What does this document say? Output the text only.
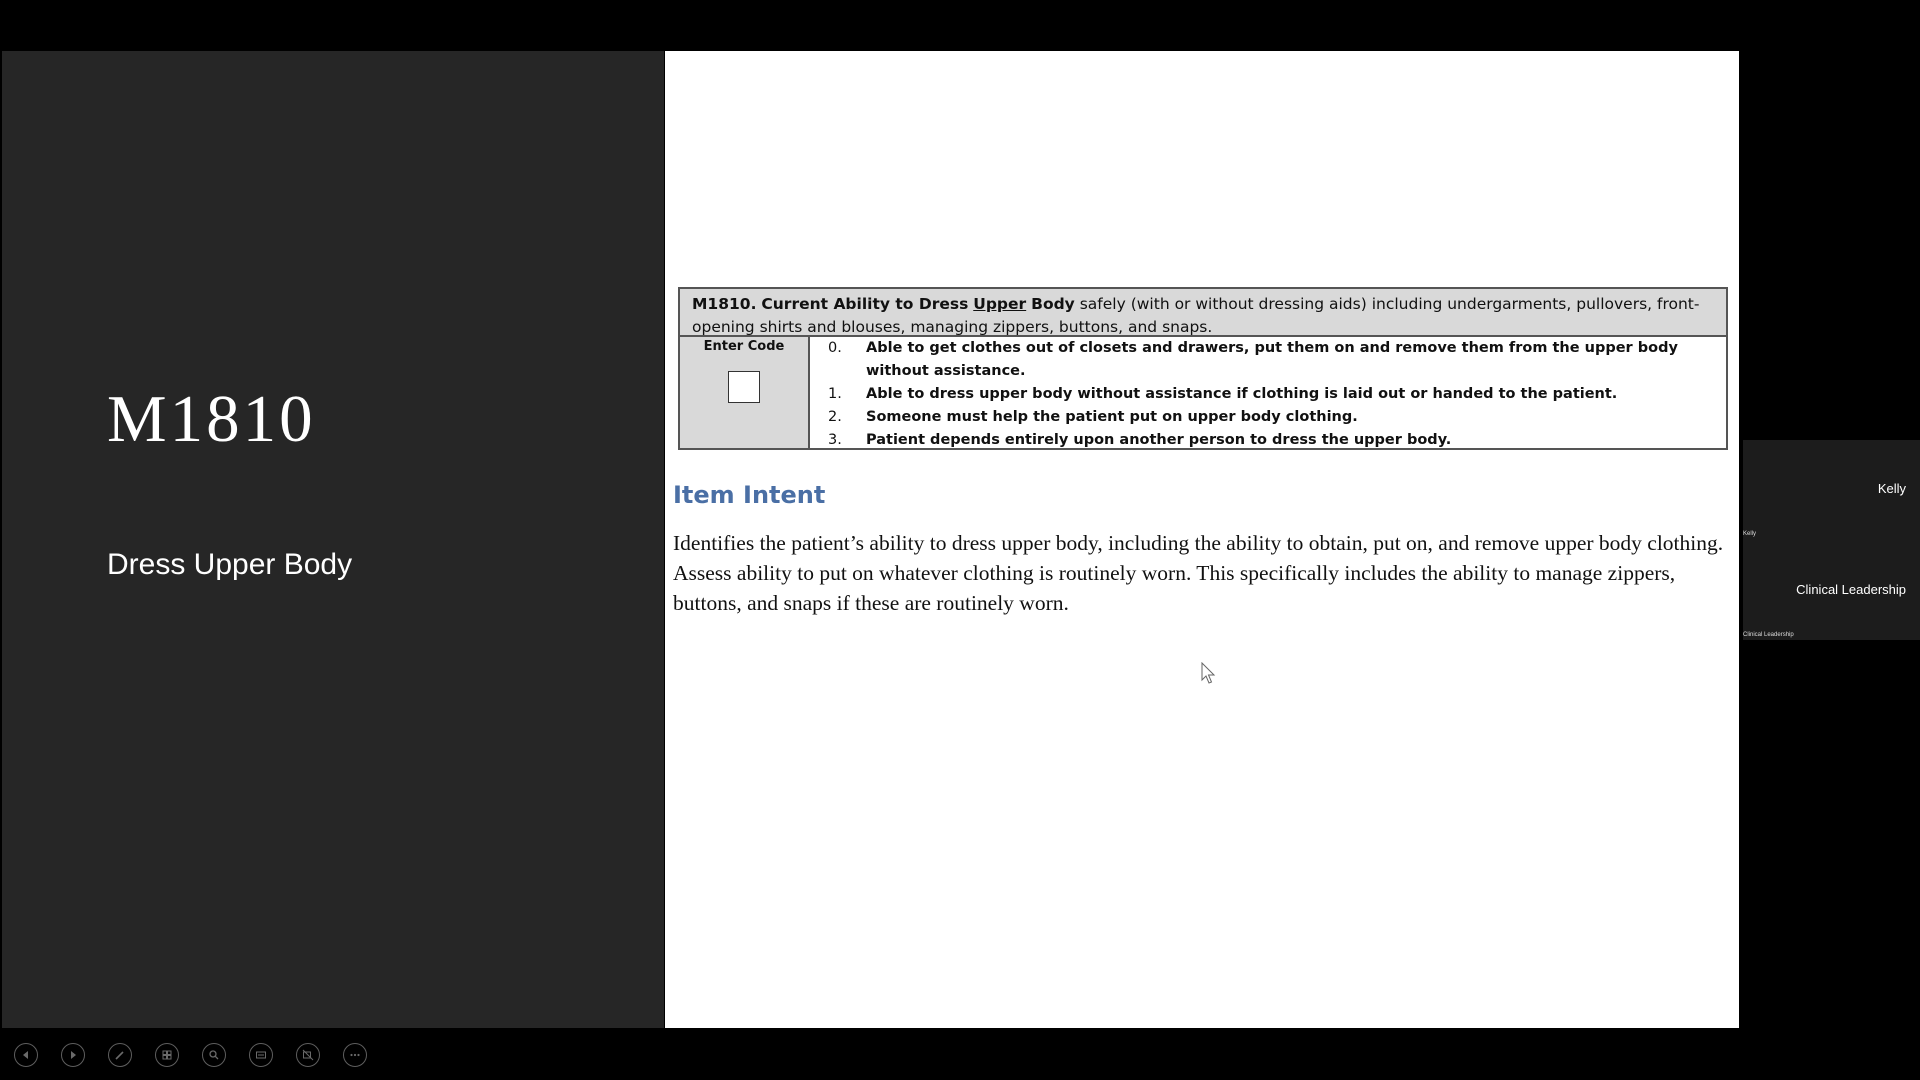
M1810

Dress Upper Body

M1810. Current Ability to Dress Upper Body safely (with or without dressing aids) including undergarments, pullovers, front-opening shirts and blouses, managing zippers, buttons, and snaps.
Enter Code	0. Able to get clothes out of closets and drawers, put them on and remove them from the upper body without assistance.
1. Able to dress upper body without assistance if clothing is laid out or handed to the patient.
2. Someone must help the patient put on upper body clothing.
3. Patient depends entirely upon another person to dress the upper body.
Item Intent

Identifies the patient’s ability to dress upper body, including the ability to obtain, put on, and remove upper body clothing. Assess ability to put on whatever clothing is routinely worn. This specifically includes the ability to manage zippers, buttons, and snaps if these are routinely worn.

Kelly
Kelly
Clinical Leadership
Clinical Leadership
